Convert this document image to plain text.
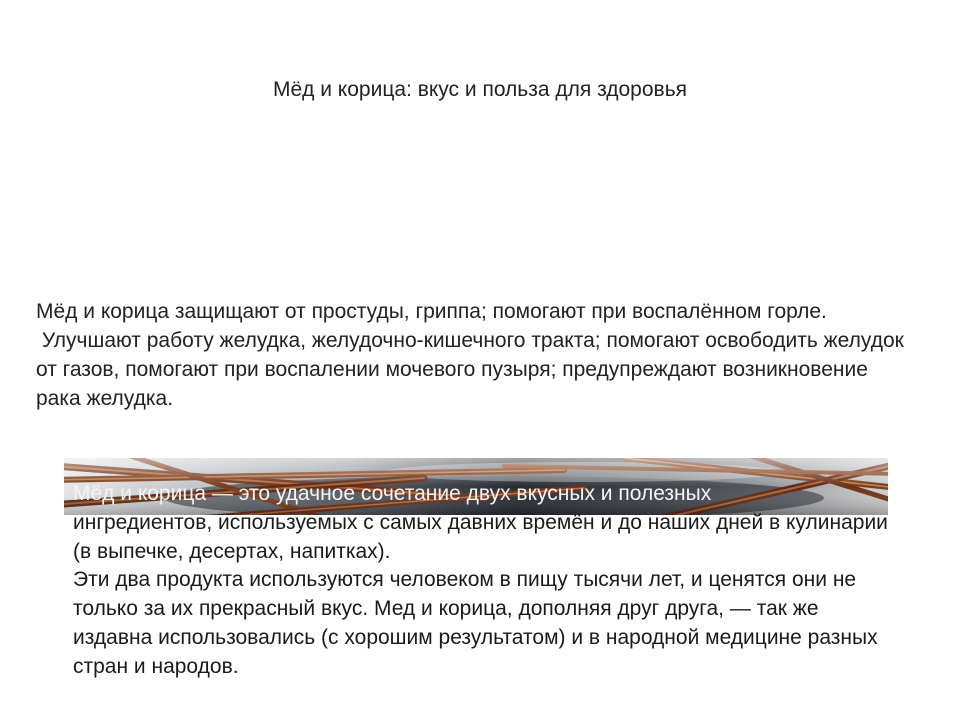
Мёд и корица: вкус и польза для здоровья

Мёд и корица защищают от простуды, гриппа; помогают при воспалённом горле.

Улучшают работу желудка, желудочно-кишечного тракта; помогают освободить желудок от газов, помогают при воспалении мочевого пузыря; предупреждают возникновение рака желудка.

Мёд и корица — это удачное сочетание двух вкусных и полезных

ингредиентов, используемых с самых давних времён и до наших дней в кулинарии (в выпечке, десертах, напитках).

Эти два продукта используются человеком в пищу тысячи лет, и ценятся они не только за их прекрасный вкус. Мед и корица, дополняя друг друга, — так же издавна использовались (с хорошим результатом) и в народной медицине разных стран и народов.
